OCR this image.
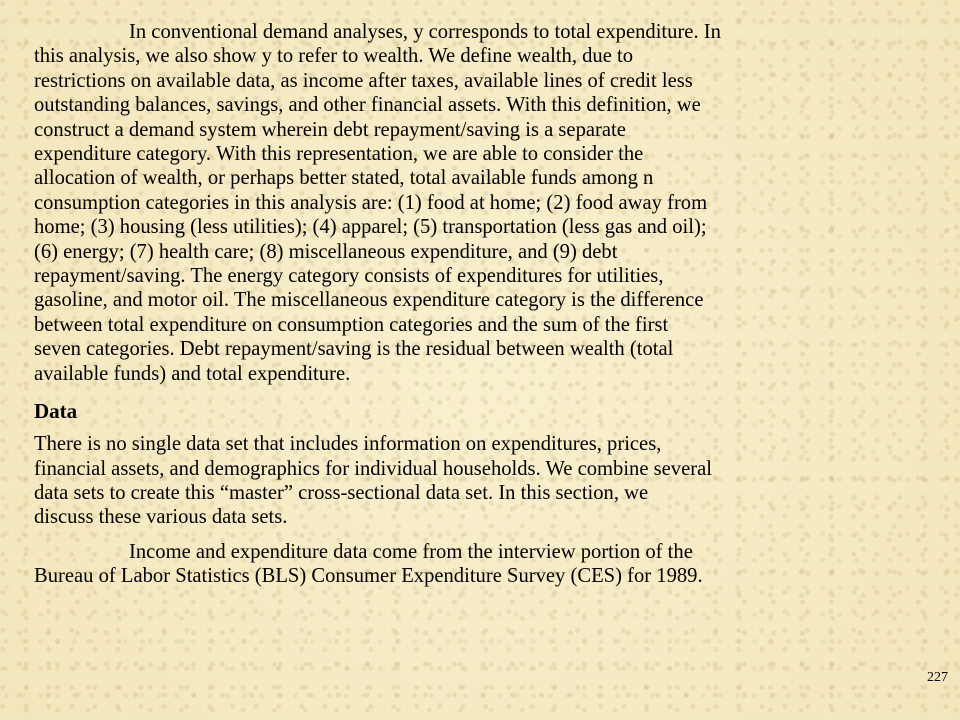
In conventional demand analyses, y corresponds to total expenditure. In
this analysis, we also show y to refer to wealth. We define wealth, due to
restrictions on available data, as income after taxes, available lines of credit less
outstanding balances, savings, and other financial assets. With this definition, we
construct a demand system wherein debt repayment/saving is a separate
expenditure category. With this representation, we are able to consider the
allocation of wealth, or perhaps better stated, total available funds among n
consumption categories in this analysis are: (1) food at home; (2) food away from
home; (3) housing (less utilities); (4) apparel; (5) transportation (less gas and oil);
(6) energy; (7) health care; (8) miscellaneous expenditure, and (9) debt
repayment/saving. The energy category consists of expenditures for utilities,
gasoline, and motor oil. The miscellaneous expenditure category is the difference
between total expenditure on consumption categories and the sum of the first
seven categories. Debt repayment/saving is the residual between wealth (total
available funds) and total expenditure.

Data

There is no single data set that includes information on expenditures, prices,
financial assets, and demographics for individual households. We combine several
data sets to create this “master” cross-sectional data set. In this section, we
discuss these various data sets.

Income and expenditure data come from the interview portion of the
Bureau of Labor Statistics (BLS) Consumer Expenditure Survey (CES) for 1989.

227
